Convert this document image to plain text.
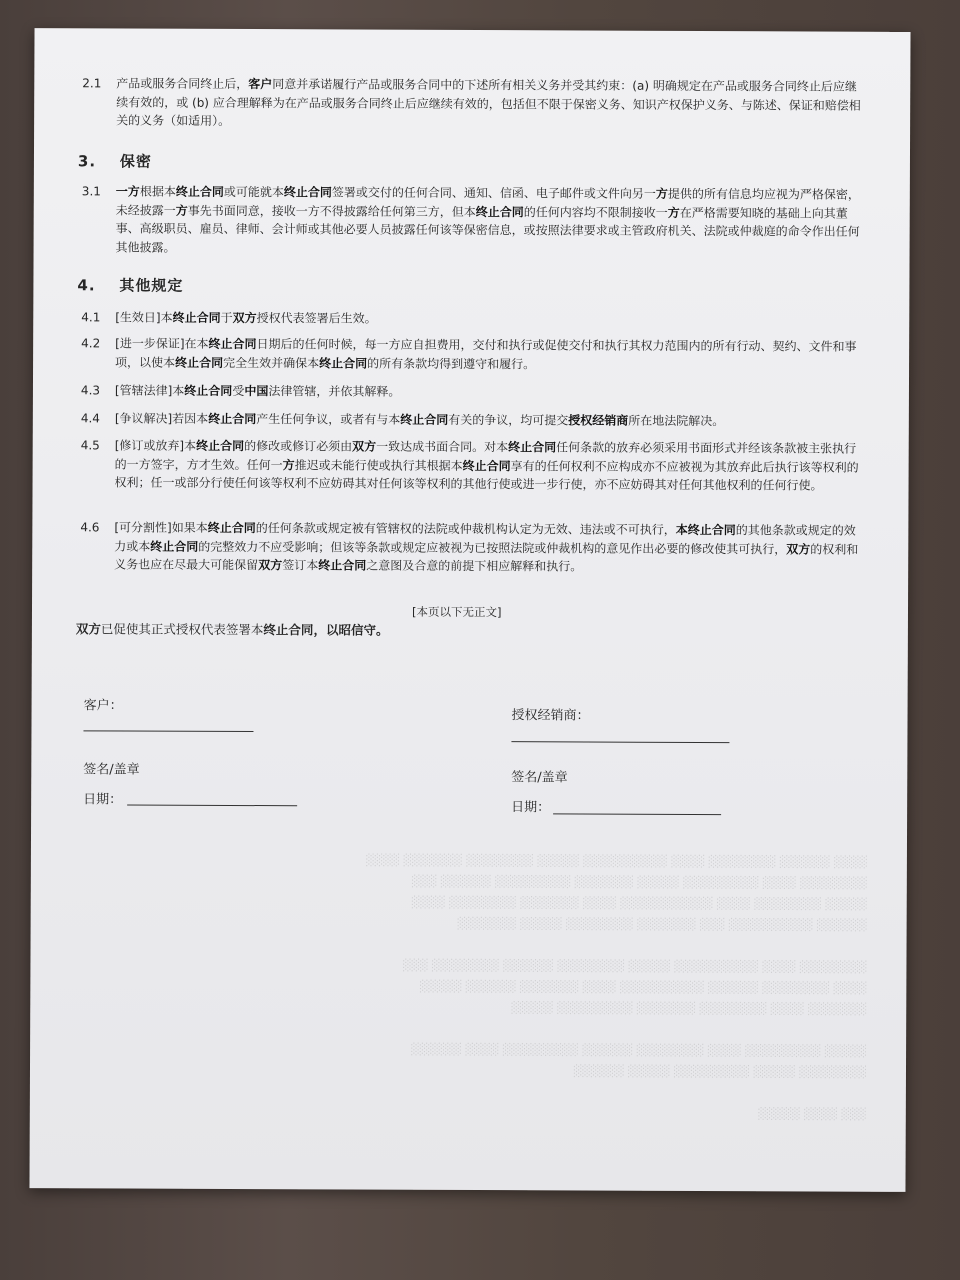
░░░░ ░░░░░░ ░░░░░░░░ ░░░░ ░░░░░░░░░░ ░░░░░ ░░░░░░░░ ░░░░░░░ ░░░░
░░░░░░░░ ░░░░ ░░░░░░░░░ ░░░░░ ░░░░░░░ ░░░░░░░░░ ░░░░░░ ░░░
░░░░░ ░░░░░░░░ ░░░░ ░░░░░░░░░░░ ░░░░ ░░░░░░░ ░░░░░░░░ ░░░░
░░░░░░ ░░░░░░░░░░ ░░░ ░░░░░░░ ░░░░░░░░ ░░░░░ ░░░░░░░

░░░░░░░░ ░░░░ ░░░░░░░░░░ ░░░░░ ░░░░░░░░ ░░░░░░ ░░░░░░░░ ░░░
░░░░ ░░░░░░░░ ░░░░░░ ░░░░░░░░░░ ░░░░ ░░░░░░░ ░░░░░░ ░░░░░
░░░░░░░ ░░░░ ░░░░░░░░ ░░░░░░░ ░░░░░░░░░ ░░░░░

░░░░░ ░░░░░░░░░ ░░░░ ░░░░░░░░ ░░░░░░ ░░░░░░░░░ ░░░░ ░░░░░░
░░░░░░░░ ░░░░░ ░░░░░░░░░ ░░░░░ ░░░░░░

░░░ ░░░░ ░░░░░
2.1	产品或服务合同终止后，客户同意并承诺履行产品或服务合同中的下述所有相关义务并受其约束：(a) 明确规定在产品或服务合同终止后应继续有效的，或 (b) 应合理解释为在产品或服务合同终止后应继续有效的，包括但不限于保密义务、知识产权保护义务、与陈述、保证和赔偿相关的义务（如适用）。
3. 保密
3.1	一方根据本终止合同或可能就本终止合同签署或交付的任何合同、通知、信函、电子邮件或文件向另一方提供的所有信息均应视为严格保密，未经披露一方事先书面同意，接收一方不得披露给任何第三方，但本终止合同的任何内容均不限制接收一方在严格需要知晓的基础上向其董事、高级职员、雇员、律师、会计师或其他必要人员披露任何该等保密信息，或按照法律要求或主管政府机关、法院或仲裁庭的命令作出任何其他披露。
4. 其他规定
4.1	[生效日]本终止合同于双方授权代表签署后生效。
4.2	[进一步保证]在本终止合同日期后的任何时候，每一方应自担费用，交付和执行或促使交付和执行其权力范围内的所有行动、契约、文件和事项，以使本终止合同完全生效并确保本终止合同的所有条款均得到遵守和履行。
4.3	[管辖法律]本终止合同受中国法律管辖，并依其解释。
4.4	[争议解决]若因本终止合同产生任何争议，或者有与本终止合同有关的争议，均可提交授权经销商所在地法院解决。
4.5	[修订或放弃]本终止合同的修改或修订必须由双方一致达成书面合同。对本终止合同任何条款的放弃必须采用书面形式并经该条款被主张执行的一方签字，方才生效。任何一方推迟或未能行使或执行其根据本终止合同享有的任何权利不应构成亦不应被视为其放弃此后执行该等权利的权利；任一或部分行使任何该等权利不应妨碍其对任何该等权利的其他行使或进一步行使，亦不应妨碍其对任何其他权利的任何行使。
4.6	[可分割性]如果本终止合同的任何条款或规定被有管辖权的法院或仲裁机构认定为无效、违法或不可执行，本终止合同的其他条款或规定的效力或本终止合同的完整效力不应受影响；但该等条款或规定应被视为已按照法院或仲裁机构的意见作出必要的修改使其可执行，双方的权利和义务也应在尽最大可能保留双方签订本终止合同之意图及合意的前提下相应解释和执行。
[本页以下无正文]
双方已促使其正式授权代表签署本终止合同，以昭信守。
客户：
签名/盖章
日期：
授权经销商：
签名/盖章
日期：
